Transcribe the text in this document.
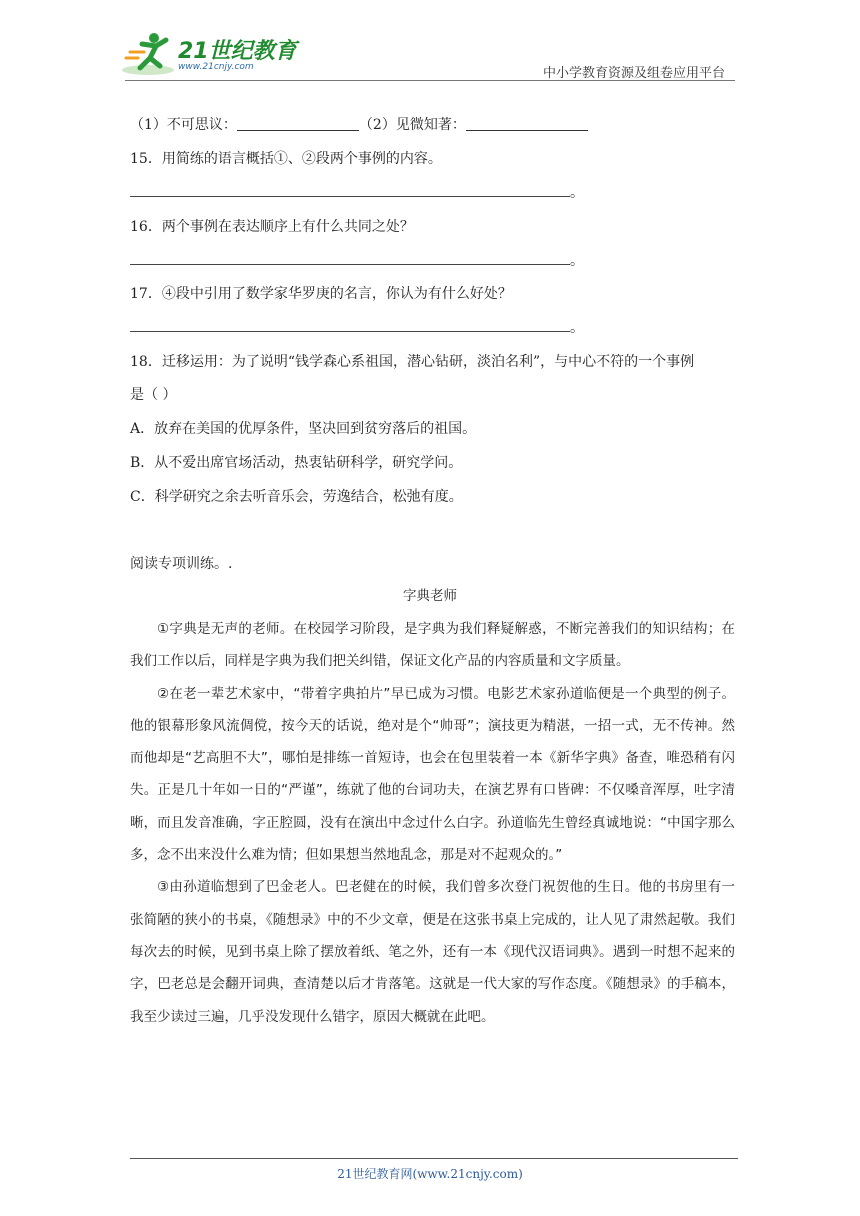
21世纪教育
www.21cnjy.com	中小学教育资源及组卷应用平台
（1）不可思议：	（2）见微知著：
15．用简练的语言概括①、②段两个事例的内容。
。
16．两个事例在表达顺序上有什么共同之处？
。
17．④段中引用了数学家华罗庚的名言，你认为有什么好处？
。
18．迁移运用：为了说明“钱学森心系祖国，潜心钻研，淡泊名利”，与中心不符的一个事例
是（ ）
A．放弃在美国的优厚条件，坚决回到贫穷落后的祖国。
B．从不爱出席官场活动，热衷钻研科学，研究学问。
C．科学研究之余去听音乐会，劳逸结合，松弛有度。
阅读专项训练。.
字典老师

①字典是无声的老师。在校园学习阶段，是字典为我们释疑解惑，不断完善我们的知识结构；在我们工作以后，同样是字典为我们把关纠错，保证文化产品的内容质量和文字质量。

②在老一辈艺术家中，“带着字典拍片”早已成为习惯。电影艺术家孙道临便是一个典型的例子。他的银幕形象风流倜傥，按今天的话说，绝对是个“帅哥”；演技更为精湛，一招一式，无不传神。然而他却是“艺高胆不大”，哪怕是排练一首短诗，也会在包里装着一本《新华字典》备查，唯恐稍有闪失。正是几十年如一日的“严谨”，练就了他的台词功夫，在演艺界有口皆碑：不仅嗓音浑厚，吐字清晰，而且发音准确，字正腔圆，没有在演出中念过什么白字。孙道临先生曾经真诚地说：“中国字那么多，念不出来没什么难为情；但如果想当然地乱念，那是对不起观众的。”

③由孙道临想到了巴金老人。巴老健在的时候，我们曾多次登门祝贺他的生日。他的书房里有一张简陋的狭小的书桌，《随想录》中的不少文章，便是在这张书桌上完成的，让人见了肃然起敬。我们每次去的时候，见到书桌上除了摆放着纸、笔之外，还有一本《现代汉语词典》。遇到一时想不起来的字，巴老总是会翻开词典，查清楚以后才肯落笔。这就是一代大家的写作态度。《随想录》的手稿本，我至少读过三遍，几乎没发现什么错字，原因大概就在此吧。

21世纪教育网(www.21cnjy.com)
